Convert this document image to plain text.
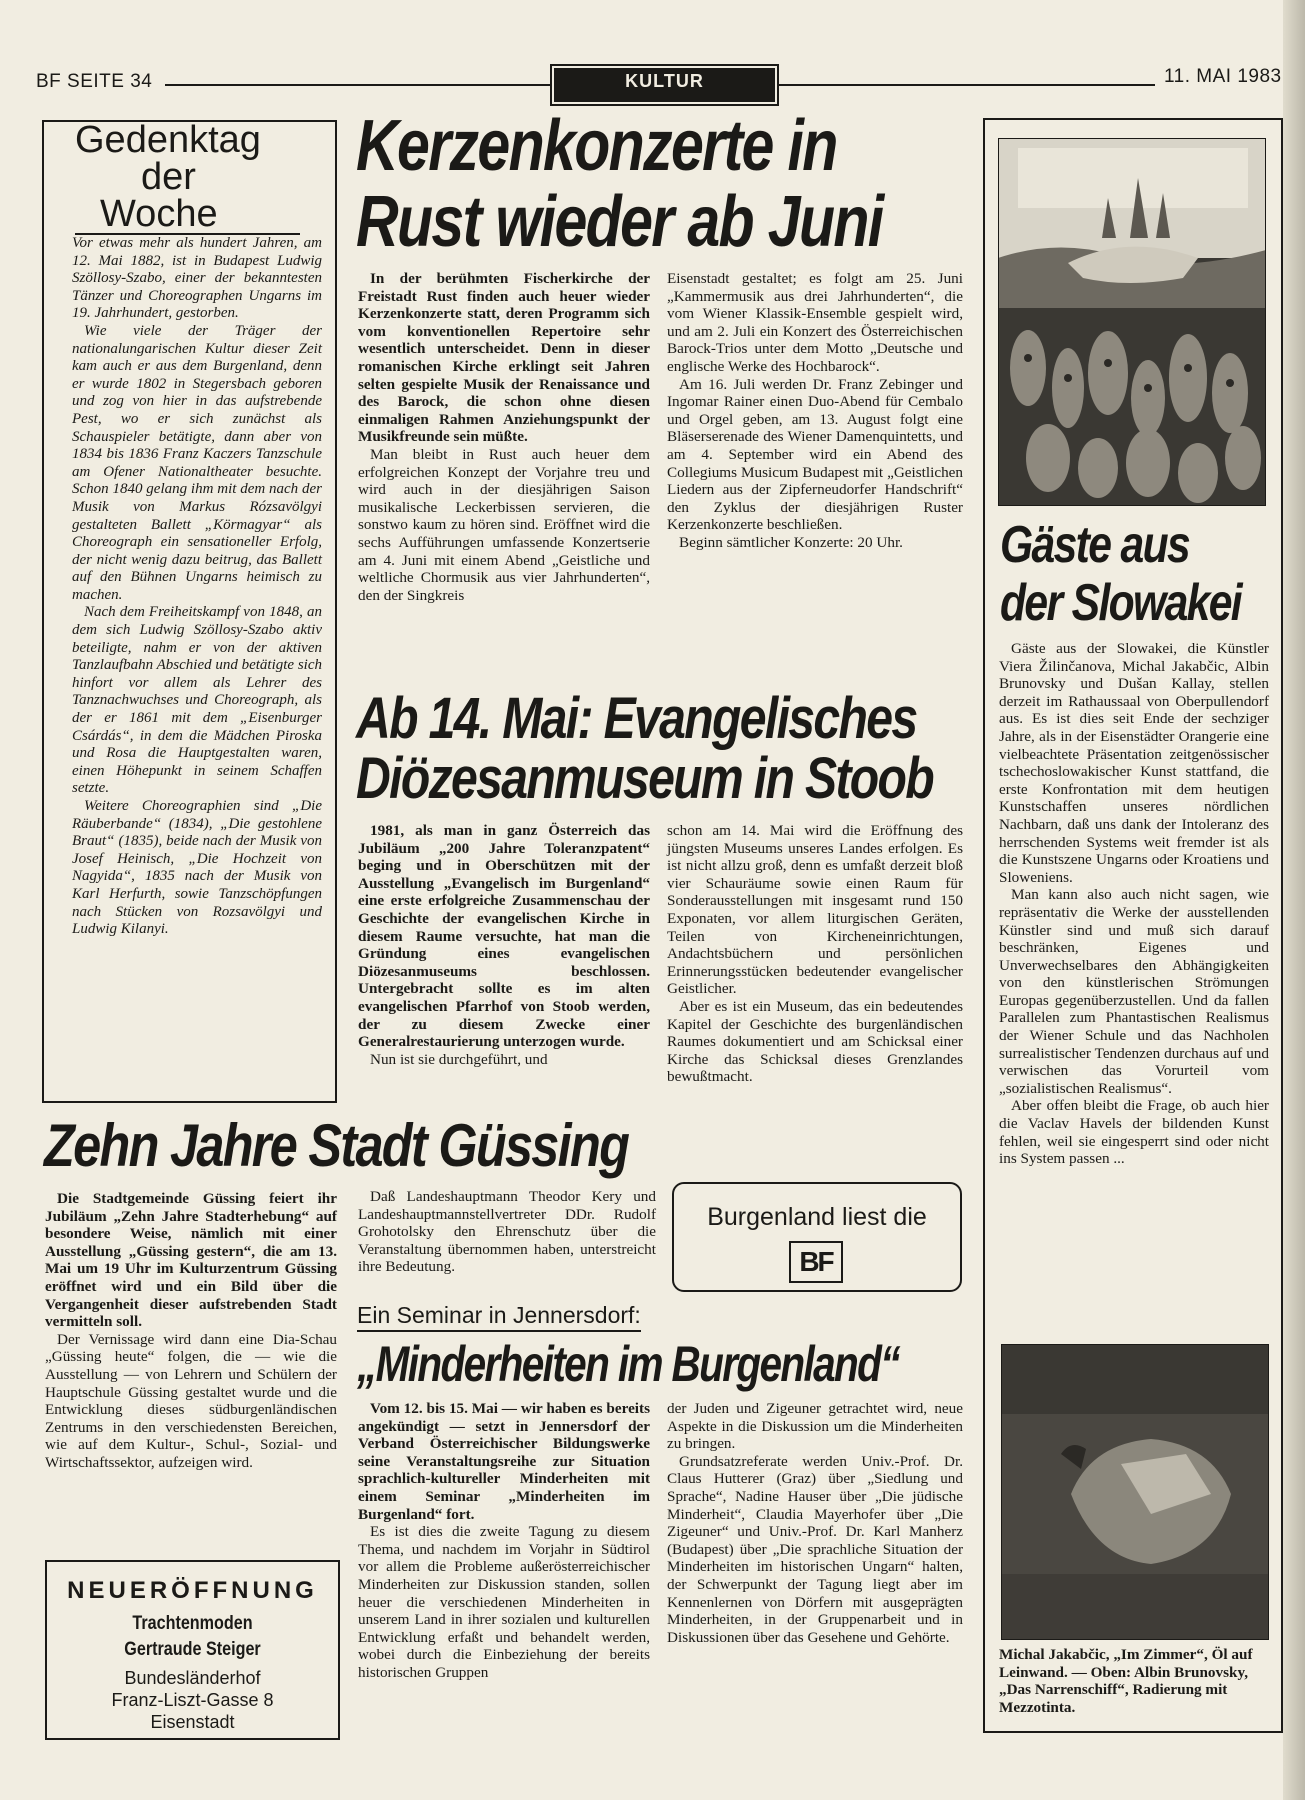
BF SEITE 34	KULTUR	11. MAI 1983
Gedenktag
der
Woche

Vor etwas mehr als hundert Jahren, am 12. Mai 1882, ist in Budapest Ludwig Szöllosy-Szabo, einer der bekanntesten Tänzer und Choreographen Ungarns im 19. Jahrhundert, gestorben.

Wie viele der Träger der nationalungarischen Kultur dieser Zeit kam auch er aus dem Burgenland, denn er wurde 1802 in Stegersbach geboren und zog von hier in das aufstrebende Pest, wo er sich zunächst als Schauspieler betätigte, dann aber von 1834 bis 1836 Franz Kaczers Tanzschule am Ofener Nationaltheater besuchte. Schon 1840 gelang ihm mit dem nach der Musik von Markus Rózsavölgyi gestalteten Ballett „Körmagyar“ als Choreograph ein sensationeller Erfolg, der nicht wenig dazu beitrug, das Ballett auf den Bühnen Ungarns heimisch zu machen.

Nach dem Freiheitskampf von 1848, an dem sich Ludwig Szöllosy-Szabo aktiv beteiligte, nahm er von der aktiven Tanzlaufbahn Abschied und betätigte sich hinfort vor allem als Lehrer des Tanznachwuchses und Choreograph, als der er 1861 mit dem „Eisenburger Csárdás“, in dem die Mädchen Piroska und Rosa die Hauptgestalten waren, einen Höhepunkt in seinem Schaffen setzte.

Weitere Choreographien sind „Die Räuberbande“ (1834), „Die gestohlene Braut“ (1835), beide nach der Musik von Josef Heinisch, „Die Hochzeit von Nagyida“, 1835 nach der Musik von Karl Herfurth, sowie Tanzschöpfungen nach Stücken von Rozsavölgyi und Ludwig Kilanyi.

Kerzenkonzerte in
Rust wieder ab Juni

In der berühmten Fischerkirche der Freistadt Rust finden auch heuer wieder Kerzenkonzerte statt, deren Programm sich vom konventionellen Repertoire sehr wesentlich unterscheidet. Denn in dieser romanischen Kirche erklingt seit Jahren selten gespielte Musik der Renaissance und des Barock, die schon ohne diesen einmaligen Rahmen Anziehungspunkt der Musikfreunde sein müßte.

Man bleibt in Rust auch heuer dem erfolgreichen Konzept der Vorjahre treu und wird auch in der diesjährigen Saison musikalische Leckerbissen servieren, die sonstwo kaum zu hören sind. Eröffnet wird die sechs Aufführungen umfassende Konzertserie am 4. Juni mit einem Abend „Geistliche und weltliche Chormusik aus vier Jahrhunderten“, den der Singkreis

Eisenstadt gestaltet; es folgt am 25. Juni „Kammermusik aus drei Jahrhunderten“, die vom Wiener Klassik-Ensemble gespielt wird, und am 2. Juli ein Konzert des Österreichischen Barock-Trios unter dem Motto „Deutsche und englische Werke des Hochbarock“.

Am 16. Juli werden Dr. Franz Zebinger und Ingomar Rainer einen Duo-Abend für Cembalo und Orgel geben, am 13. August folgt eine Bläserserenade des Wiener Damenquintetts, und am 4. September wird ein Abend des Collegiums Musicum Budapest mit „Geistlichen Liedern aus der Zipferneudorfer Handschrift“ den Zyklus der diesjährigen Ruster Kerzenkonzerte beschließen.

Beginn sämtlicher Konzerte: 20 Uhr.

Ab 14. Mai: Evangelisches
Diözesanmuseum in Stoob

1981, als man in ganz Österreich das Jubiläum „200 Jahre Toleranzpatent“ beging und in Oberschützen mit der Ausstellung „Evangelisch im Burgenland“ eine erste erfolgreiche Zusammenschau der Geschichte der evangelischen Kirche in diesem Raume versuchte, hat man die Gründung eines evangelischen Diözesanmuseums beschlossen. Untergebracht sollte es im alten evangelischen Pfarrhof von Stoob werden, der zu diesem Zwecke einer Generalrestaurierung unterzogen wurde.

Nun ist sie durchgeführt, und

schon am 14. Mai wird die Eröffnung des jüngsten Museums unseres Landes erfolgen. Es ist nicht allzu groß, denn es umfaßt derzeit bloß vier Schauräume sowie einen Raum für Sonderausstellungen mit insgesamt rund 150 Exponaten, vor allem liturgischen Geräten, Teilen von Kircheneinrichtungen, Andachtsbüchern und persönlichen Erinnerungsstücken bedeutender evangelischer Geistlicher.

Aber es ist ein Museum, das ein bedeutendes Kapitel der Geschichte des burgenländischen Raumes dokumentiert und am Schicksal einer Kirche das Schicksal dieses Grenzlandes bewußtmacht.

Zehn Jahre Stadt Güssing

Die Stadtgemeinde Güssing feiert ihr Jubiläum „Zehn Jahre Stadterhebung“ auf besondere Weise, nämlich mit einer Ausstellung „Güssing gestern“, die am 13. Mai um 19 Uhr im Kulturzentrum Güssing eröffnet wird und ein Bild über die Vergangenheit dieser aufstrebenden Stadt vermitteln soll.

Der Vernissage wird dann eine Dia-Schau „Güssing heute“ folgen, die — wie die Ausstellung — von Lehrern und Schülern der Hauptschule Güssing gestaltet wurde und die Entwicklung dieses südburgenländischen Zentrums in den verschiedensten Bereichen, wie auf dem Kultur-, Schul-, Sozial- und Wirtschaftssektor, aufzeigen wird.

Daß Landeshauptmann Theodor Kery und Landeshauptmannstellvertreter DDr. Rudolf Grohotolsky den Ehrenschutz über die Veranstaltung übernommen haben, unterstreicht ihre Bedeutung.

Burgenland liest die
BF
Ein Seminar in Jennersdorf:
„Minderheiten im Burgenland“

Vom 12. bis 15. Mai — wir haben es bereits angekündigt — setzt in Jennersdorf der Verband Österreichischer Bildungswerke seine Veranstaltungsreihe zur Situation sprachlich-kultureller Minderheiten mit einem Seminar „Minderheiten im Burgenland“ fort.

Es ist dies die zweite Tagung zu diesem Thema, und nachdem im Vorjahr in Südtirol vor allem die Probleme außerösterreichischer Minderheiten zur Diskussion standen, sollen heuer die verschiedenen Minderheiten in unserem Land in ihrer sozialen und kulturellen Entwicklung erfaßt und behandelt werden, wobei durch die Einbeziehung der bereits historischen Gruppen

der Juden und Zigeuner getrachtet wird, neue Aspekte in die Diskussion um die Minderheiten zu bringen.

Grundsatzreferate werden Univ.-Prof. Dr. Claus Hutterer (Graz) über „Siedlung und Sprache“, Nadine Hauser über „Die jüdische Minderheit“, Claudia Mayerhofer über „Die Zigeuner“ und Univ.-Prof. Dr. Karl Manherz (Budapest) über „Die sprachliche Situation der Minderheiten im historischen Ungarn“ halten, der Schwerpunkt der Tagung liegt aber im Kennenlernen von Dörfern mit ausgeprägten Minderheiten, in der Gruppenarbeit und in Diskussionen über das Gesehene und Gehörte.

NEUERÖFFNUNG
Trachtenmoden
Gertraude Steiger
Bundesländerhof
Franz-Liszt-Gasse 8
Eisenstadt
Gäste aus
der Slowakei

Gäste aus der Slowakei, die Künstler Viera Žilinčanova, Michal Jakabčic, Albin Brunovsky und Dušan Kallay, stellen derzeit im Rathaussaal von Oberpullendorf aus. Es ist dies seit Ende der sechziger Jahre, als in der Eisenstädter Orangerie eine vielbeachtete Präsentation zeitgenössischer tschechoslowakischer Kunst stattfand, die erste Konfrontation mit dem heutigen Kunstschaffen unseres nördlichen Nachbarn, daß uns dank der Intoleranz des herrschenden Systems weit fremder ist als die Kunstszene Ungarns oder Kroatiens und Sloweniens.

Man kann also auch nicht sagen, wie repräsentativ die Werke der ausstellenden Künstler sind und muß sich darauf beschränken, Eigenes und Unverwechselbares den Abhängigkeiten von den künstlerischen Strömungen Europas gegenüberzustellen. Und da fallen Parallelen zum Phantastischen Realismus der Wiener Schule und das Nachholen surrealistischer Tendenzen durchaus auf und verwischen das Vorurteil vom „sozialistischen Realismus“.

Aber offen bleibt die Frage, ob auch hier die Vaclav Havels der bildenden Kunst fehlen, weil sie eingesperrt sind oder nicht ins System passen ...

Michal Jakabčic, „Im Zimmer“, Öl auf Leinwand. — Oben: Albin Brunovsky, „Das Narrenschiff“, Radierung mit Mezzotinta.
